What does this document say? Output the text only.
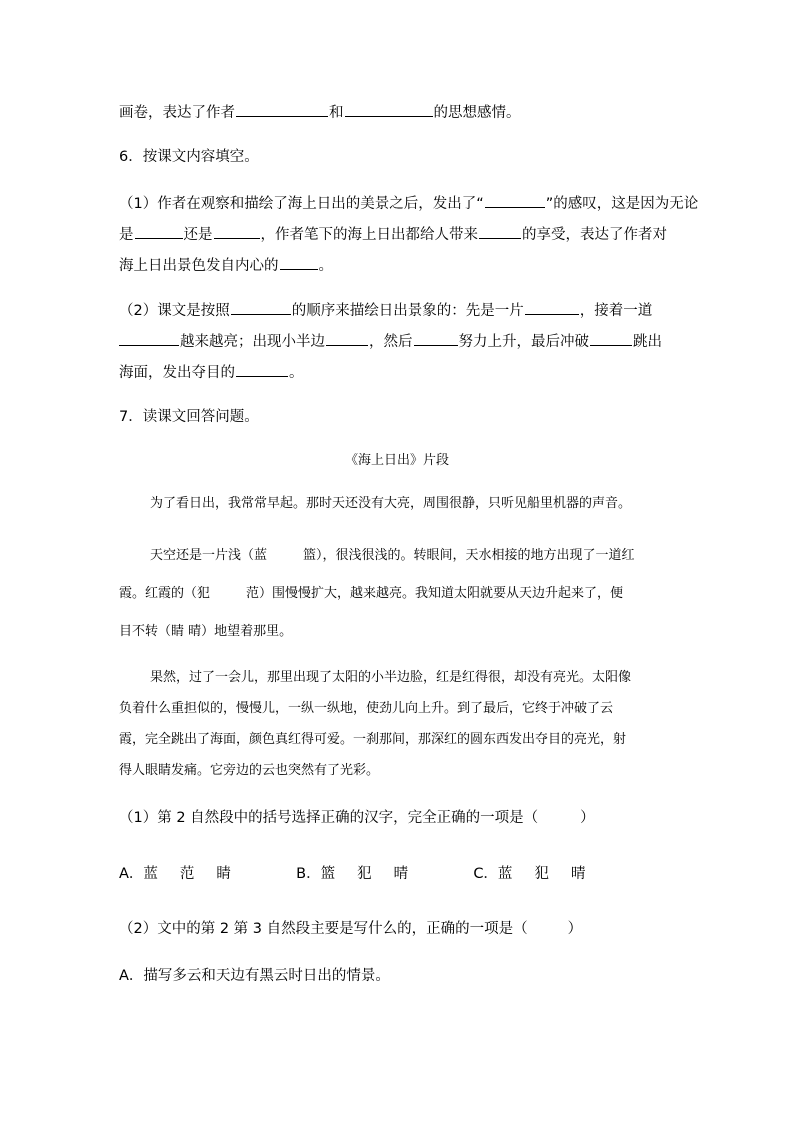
画卷，表达了作者	和	的思想感情。
6．按课文内容填空。
（1）作者在观察和描绘了海上日出的美景之后，发出了“	”的感叹，这是因为无论
是	还是	，作者笔下的海上日出都给人带来	的享受，表达了作者对
海上日出景色发自内心的	。
（2）课文是按照	的顺序来描绘日出景象的：先是一片	，接着一道
越来越亮；出现小半边	，然后	努力上升，最后冲破	跳出
海面，发出夺目的	。
7．读课文回答问题。
《海上日出》片段
为了看日出，我常常早起。那时天还没有大亮，周围很静，只听见船里机器的声音。
天空还是一片浅（蓝	篮），很浅很浅的。转眼间，天水相接的地方出现了一道红
霞。红霞的（犯	范）围慢慢扩大，越来越亮。我知道太阳就要从天边升起来了，便
目不转（睛 晴）地望着那里。
果然，过了一会儿，那里出现了太阳的小半边脸，红是红得很，却没有亮光。太阳像
负着什么重担似的，慢慢儿，一纵一纵地，使劲儿向上升。到了最后，它终于冲破了云
霞，完全跳出了海面，颜色真红得可爱。一刹那间，那深红的圆东西发出夺目的亮光，射
得人眼睛发痛。它旁边的云也突然有了光彩。
（1）第 2 自然段中的括号选择正确的汉字，完全正确的一项是（	）
A．蓝 范 睛	B．篮 犯 晴	C．蓝 犯 晴
（2）文中的第 2 第 3 自然段主要是写什么的，正确的一项是（	）
A．描写多云和天边有黑云时日出的情景。
